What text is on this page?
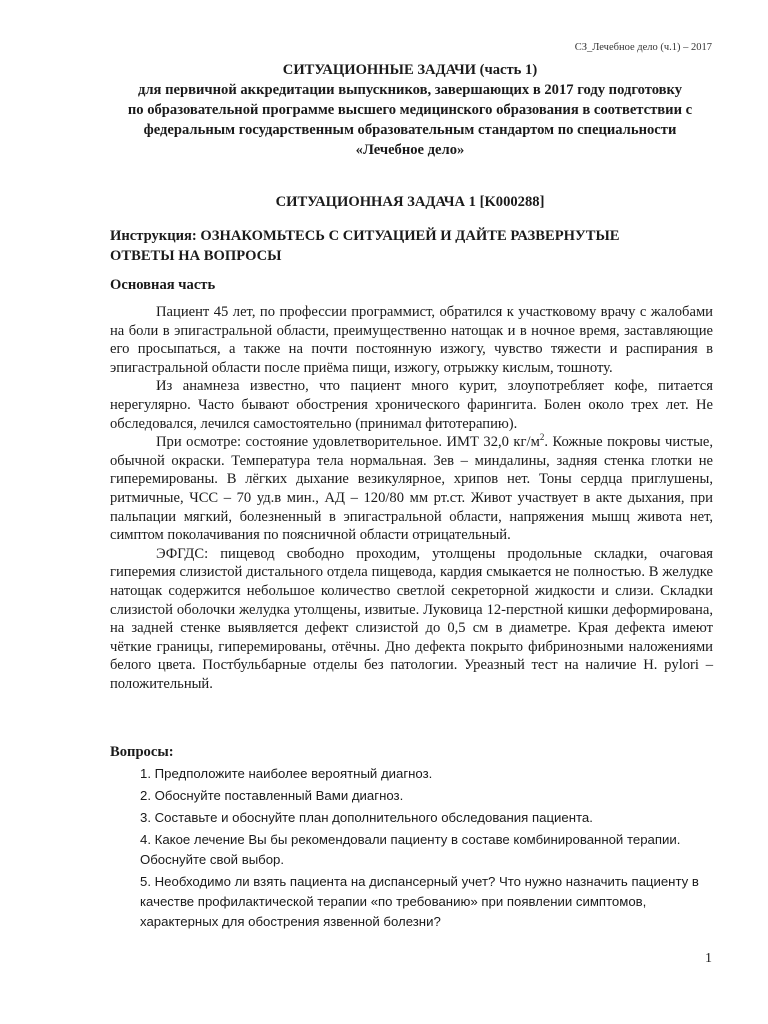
СЗ_Лечебное дело (ч.1) – 2017
СИТУАЦИОННЫЕ ЗАДАЧИ (часть 1)
для первичной аккредитации выпускников, завершающих в 2017 году подготовку
по образовательной программе высшего медицинского образования в соответствии с
федеральным государственным образовательным стандартом по специальности
«Лечебное дело»
СИТУАЦИОННАЯ ЗАДАЧА 1 [K000288]
Инструкция: ОЗНАКОМЬТЕСЬ С СИТУАЦИЕЙ И ДАЙТЕ РАЗВЕРНУТЫЕ
ОТВЕТЫ НА ВОПРОСЫ
Основная часть

Пациент 45 лет, по профессии программист, обратился к участковому врачу с жалобами на боли в эпигастральной области, преимущественно натощак и в ночное время, заставляющие его просыпаться, а также на почти постоянную изжогу, чувство тяжести и распирания в эпигастральной области после приёма пищи, изжогу, отрыжку кислым, тошноту.

Из анамнеза известно, что пациент много курит, злоупотребляет кофе, питается нерегулярно. Часто бывают обострения хронического фарингита. Болен около трех лет. Не обследовался, лечился самостоятельно (принимал фитотерапию).

При осмотре: состояние удовлетворительное. ИМТ 32,0 $кг/м^2$. Кожные покровы чистые, обычной окраски. Температура тела нормальная. Зев – миндалины, задняя стенка глотки не гиперемированы. В лёгких дыхание везикулярное, хрипов нет. Тоны сердца приглушены, ритмичные, ЧСС – 70 уд.в мин., АД – 120/80 мм рт.ст. Живот участвует в акте дыхания, при пальпации мягкий, болезненный в эпигастральной области, напряжения мышц живота нет, симптом поколачивания по поясничной области отрицательный.

ЭФГДС: пищевод свободно проходим, утолщены продольные складки, очаговая гиперемия слизистой дистального отдела пищевода, кардия смыкается не полностью. В желудке натощак содержится небольшое количество светлой секреторной жидкости и слизи. Складки слизистой оболочки желудка утолщены, извитые. Луковица 12-перстной кишки деформирована, на задней стенке выявляется дефект слизистой до 0,5 см в диаметре. Края дефекта имеют чёткие границы, гиперемированы, отёчны. Дно дефекта покрыто фибринозными наложениями белого цвета. Постбульбарные отделы без патологии. Уреазный тест на наличие H. pylori – положительный.

Вопросы:
1. Предположите наиболее вероятный диагноз.
2. Обоснуйте поставленный Вами диагноз.
3. Составьте и обоснуйте план дополнительного обследования пациента.
4. Какое лечение Вы бы рекомендовали пациенту в составе комбинированной терапии. Обоснуйте свой выбор.
5. Необходимо ли взять пациента на диспансерный учет? Что нужно назначить пациенту в качестве профилактической терапии «по требованию» при появлении симптомов, характерных для обострения язвенной болезни?
1
